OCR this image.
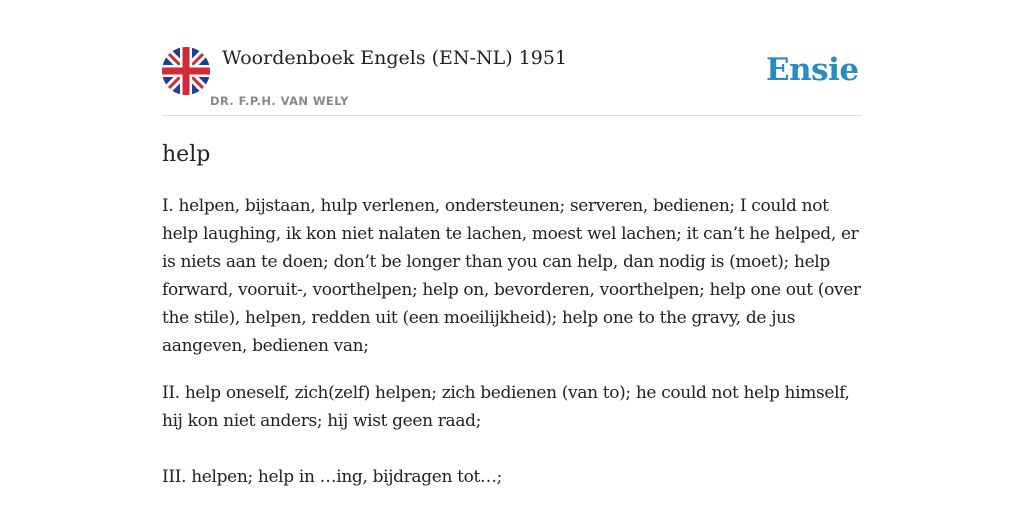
Woordenboek Engels (EN-NL) 1951
DR. F.P.H. VAN WELY
Ensie
help

I. helpen, bijstaan, hulp verlenen, ondersteunen; serveren, bedienen; I could not help laughing, ik kon niet nalaten te lachen, moest wel lachen; it can’t he helped, er is niets aan te doen; don’t be longer than you can help, dan nodig is (moet); help forward, vooruit-, voorthelpen; help on, bevorderen, voorthelpen; help one out (over the stile), helpen, redden uit (een moeilijkheid); help one to the gravy, de jus aangeven, bedienen van;

II. help oneself, zich(zelf) helpen; zich bedienen (van to); he could not help himself, hij kon niet anders; hij wist geen raad;

III. helpen; help in …ing, bijdragen tot…;
